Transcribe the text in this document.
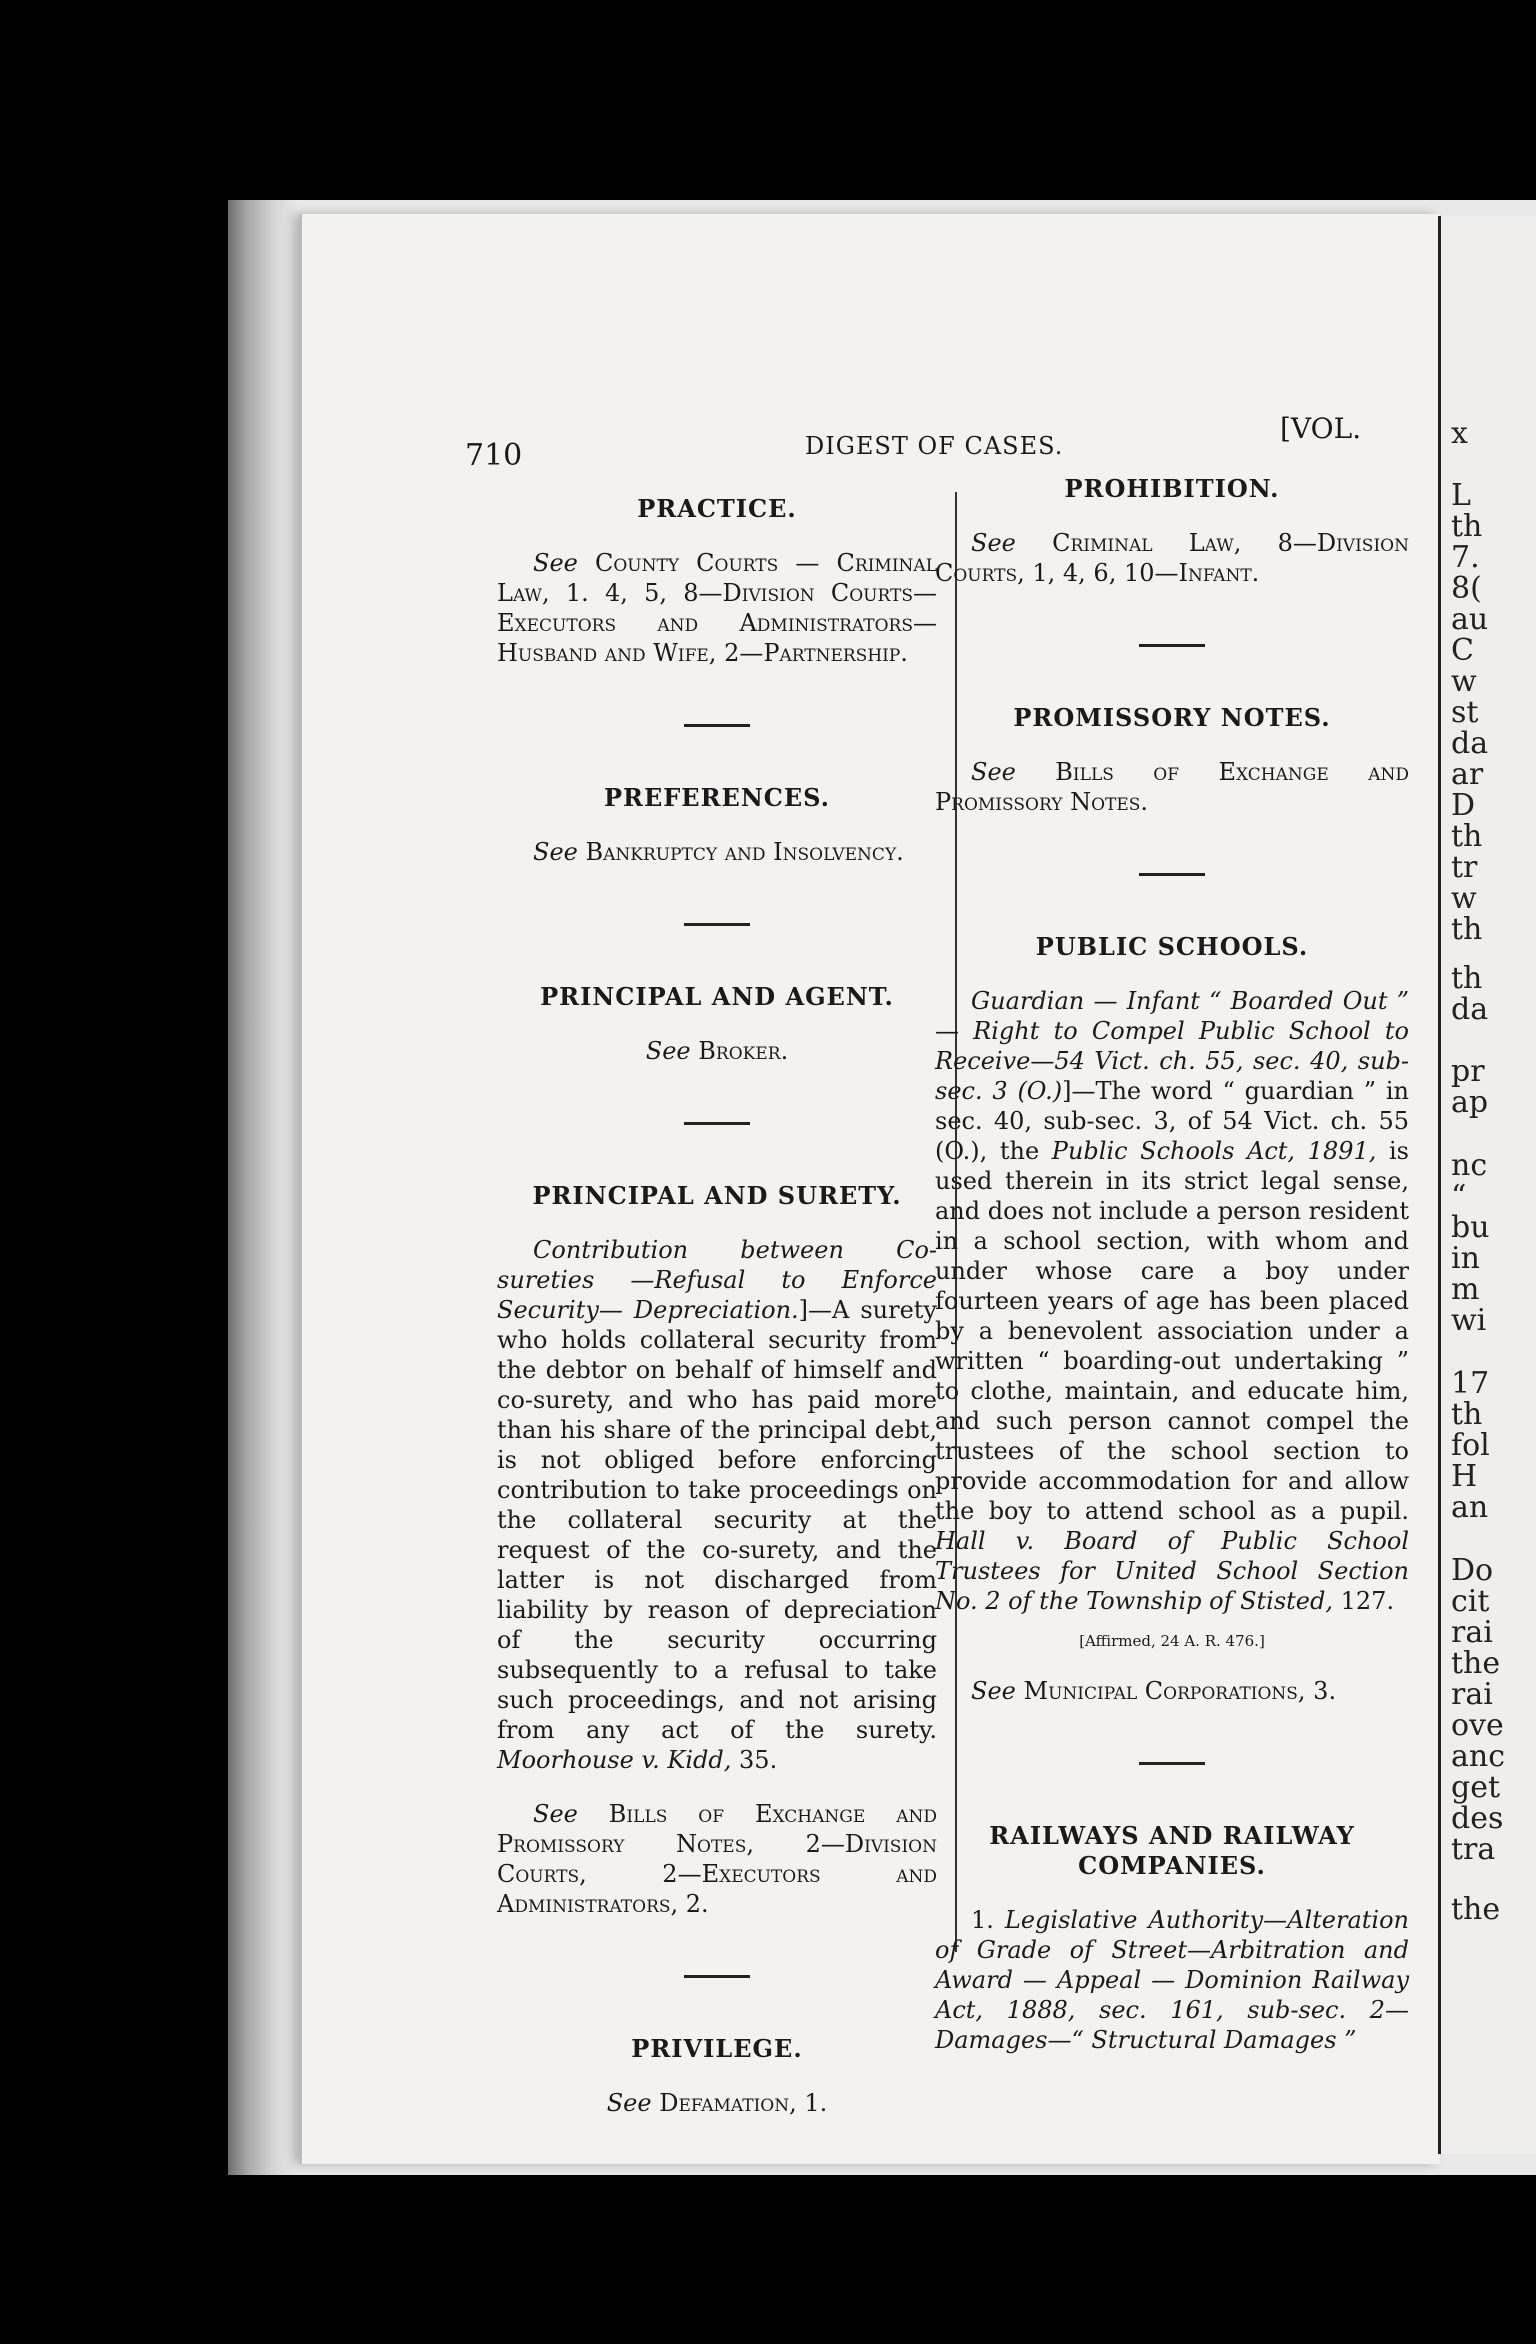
x
L
th
7.
8(
au
C
w
st
da
ar
D
th
tr
w
th
th
da
pr
ap
nc
“
bu
in
m
wi
17
th
fol
H
an
Do
cit
rai
the
rai
ove
anc
get
des
tra
the
710	DIGEST OF CASES.
[VOL.
PRACTICE.

See County Courts — Criminal Law, 1. 4, 5, 8—Division Courts—Executors and Administrators—Husband and Wife, 2—Partnership.

PREFERENCES.

See Bankruptcy and Insolvency.

PRINCIPAL AND AGENT.

See Broker.

PRINCIPAL AND SURETY.

Contribution between Co-sureties —Refusal to Enforce Security— Depreciation.]—A surety who holds collateral security from the debtor on behalf of himself and co-surety, and who has paid more than his share of the principal debt, is not obliged before enforcing contribution to take proceedings on the collateral security at the request of the co-surety, and the latter is not discharged from liability by reason of depreciation of the security occurring subsequently to a refusal to take such proceedings, and not arising from any act of the surety. Moorhouse v. Kidd, 35.

See Bills of Exchange and Promissory Notes, 2—Division Courts, 2—Executors and Administrators, 2.

PRIVILEGE.

See Defamation, 1.

PROHIBITION.

See Criminal Law, 8—Division Courts, 1, 4, 6, 10—Infant.

PROMISSORY NOTES.

See Bills of Exchange and Promissory Notes.

PUBLIC SCHOOLS.

Guardian — Infant “ Boarded Out ” — Right to Compel Public School to Receive—54 Vict. ch. 55, sec. 40, sub-sec. 3 (O.)]—The word “ guardian ” in sec. 40, sub-sec. 3, of 54 Vict. ch. 55 (O.), the Public Schools Act, 1891, is used therein in its strict legal sense, and does not include a person resident in a school section, with whom and under whose care a boy under fourteen years of age has been placed by a benevolent association under a written “ boarding-out undertaking ” to clothe, maintain, and educate him, and such person cannot compel the trustees of the school section to provide accommodation for and allow the boy to attend school as a pupil. Hall v. Board of Public School Trustees for United School Section No. 2 of the Township of Stisted, 127.

[Affirmed, 24 A. R. 476.]

See Municipal Corporations, 3.

RAILWAYS AND RAILWAY COMPANIES.

1. Legislative Authority—Alteration of Grade of Street—Arbitration and Award — Appeal — Dominion Railway Act, 1888, sec. 161, sub-sec. 2—Damages—“ Structural Damages ”
